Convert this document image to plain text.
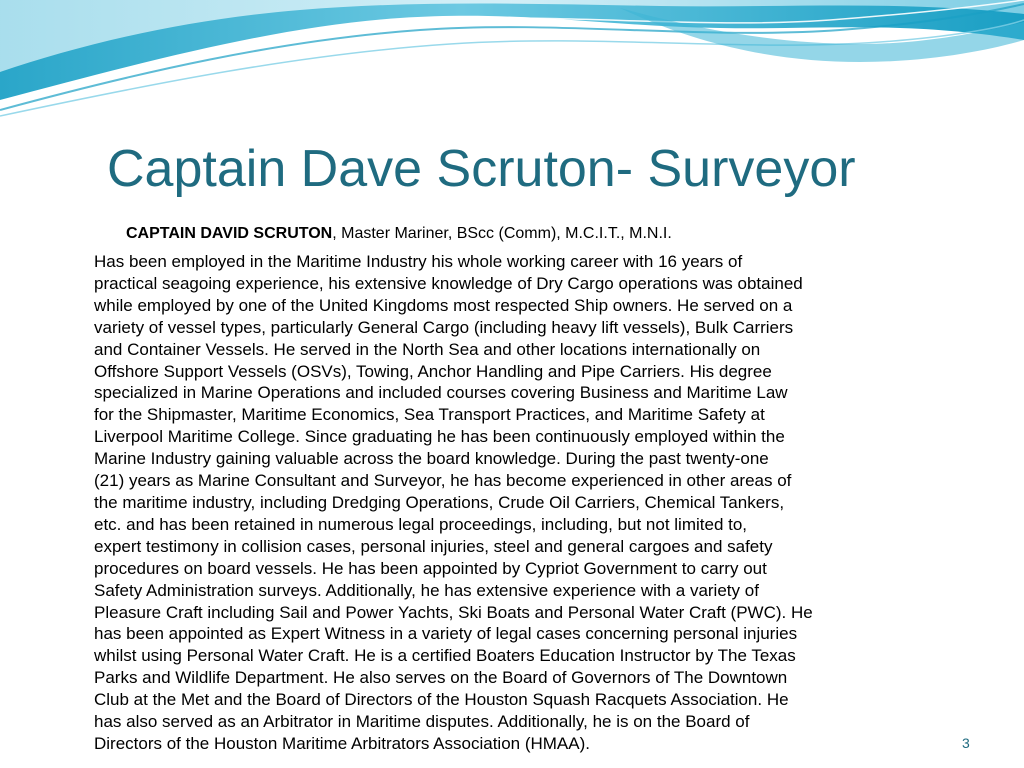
Captain Dave Scruton- Surveyor
CAPTAIN DAVID SCRUTON, Master Mariner, BScc (Comm), M.C.I.T., M.N.I.
Has been employed in the Maritime Industry his whole working career with 16 years of
practical seagoing experience, his extensive knowledge of Dry Cargo operations was obtained
while employed by one of the United Kingdoms most respected Ship owners. He served on a
variety of vessel types, particularly General Cargo (including heavy lift vessels), Bulk Carriers
and Container Vessels. He served in the North Sea and other locations internationally on
Offshore Support Vessels (OSVs), Towing, Anchor Handling and Pipe Carriers. His degree
specialized in Marine Operations and included courses covering Business and Maritime Law
for the Shipmaster, Maritime Economics, Sea Transport Practices, and Maritime Safety at
Liverpool Maritime College. Since graduating he has been continuously employed within the
Marine Industry gaining valuable across the board knowledge. During the past twenty-one
(21) years as Marine Consultant and Surveyor, he has become experienced in other areas of
the maritime industry, including Dredging Operations, Crude Oil Carriers, Chemical Tankers,
etc. and has been retained in numerous legal proceedings, including, but not limited to,
expert testimony in collision cases, personal injuries, steel and general cargoes and safety
procedures on board vessels. He has been appointed by Cypriot Government to carry out
Safety Administration surveys. Additionally, he has extensive experience with a variety of
Pleasure Craft including Sail and Power Yachts, Ski Boats and Personal Water Craft (PWC). He
has been appointed as Expert Witness in a variety of legal cases concerning personal injuries
whilst using Personal Water Craft. He is a certified Boaters Education Instructor by The Texas
Parks and Wildlife Department. He also serves on the Board of Governors of The Downtown
Club at the Met and the Board of Directors of the Houston Squash Racquets Association. He
has also served as an Arbitrator in Maritime disputes. Additionally, he is on the Board of
Directors of the Houston Maritime Arbitrators Association (HMAA).	3
